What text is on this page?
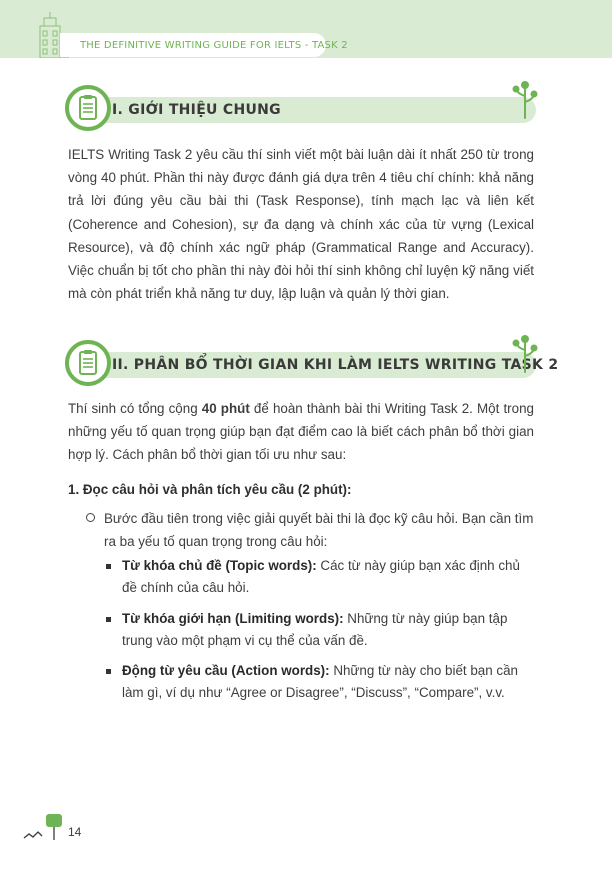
THE DEFINITIVE WRITING GUIDE FOR IELTS - TASK 2
I. GIỚI THIỆU CHUNG

IELTS Writing Task 2 yêu cầu thí sinh viết một bài luận dài ít nhất 250 từ trong vòng 40 phút. Phần thi này được đánh giá dựa trên 4 tiêu chí chính: khả năng trả lời đúng yêu cầu bài thi (Task Response), tính mạch lạc và liên kết (Coherence and Cohesion), sự đa dạng và chính xác của từ vựng (Lexical Resource), và độ chính xác ngữ pháp (Grammatical Range and Accuracy). Việc chuẩn bị tốt cho phần thi này đòi hỏi thí sinh không chỉ luyện kỹ năng viết mà còn phát triển khả năng tư duy, lập luận và quản lý thời gian.

II. PHÂN BỔ THỜI GIAN KHI LÀM IELTS WRITING TASK 2

Thí sinh có tổng cộng 40 phút để hoàn thành bài thi Writing Task 2. Một trong những yếu tố quan trọng giúp bạn đạt điểm cao là biết cách phân bổ thời gian hợp lý. Cách phân bổ thời gian tối ưu như sau:

1. Đọc câu hỏi và phân tích yêu cầu (2 phút):

Bước đầu tiên trong việc giải quyết bài thi là đọc kỹ câu hỏi. Bạn cần tìm ra ba yếu tố quan trọng trong câu hỏi:

Từ khóa chủ đề (Topic words): Các từ này giúp bạn xác định chủ đề chính của câu hỏi.

Từ khóa giới hạn (Limiting words): Những từ này giúp bạn tập trung vào một phạm vi cụ thể của vấn đề.

Động từ yêu cầu (Action words): Những từ này cho biết bạn cần làm gì, ví dụ như “Agree or Disagree”, “Discuss”, “Compare”, v.v.

14
